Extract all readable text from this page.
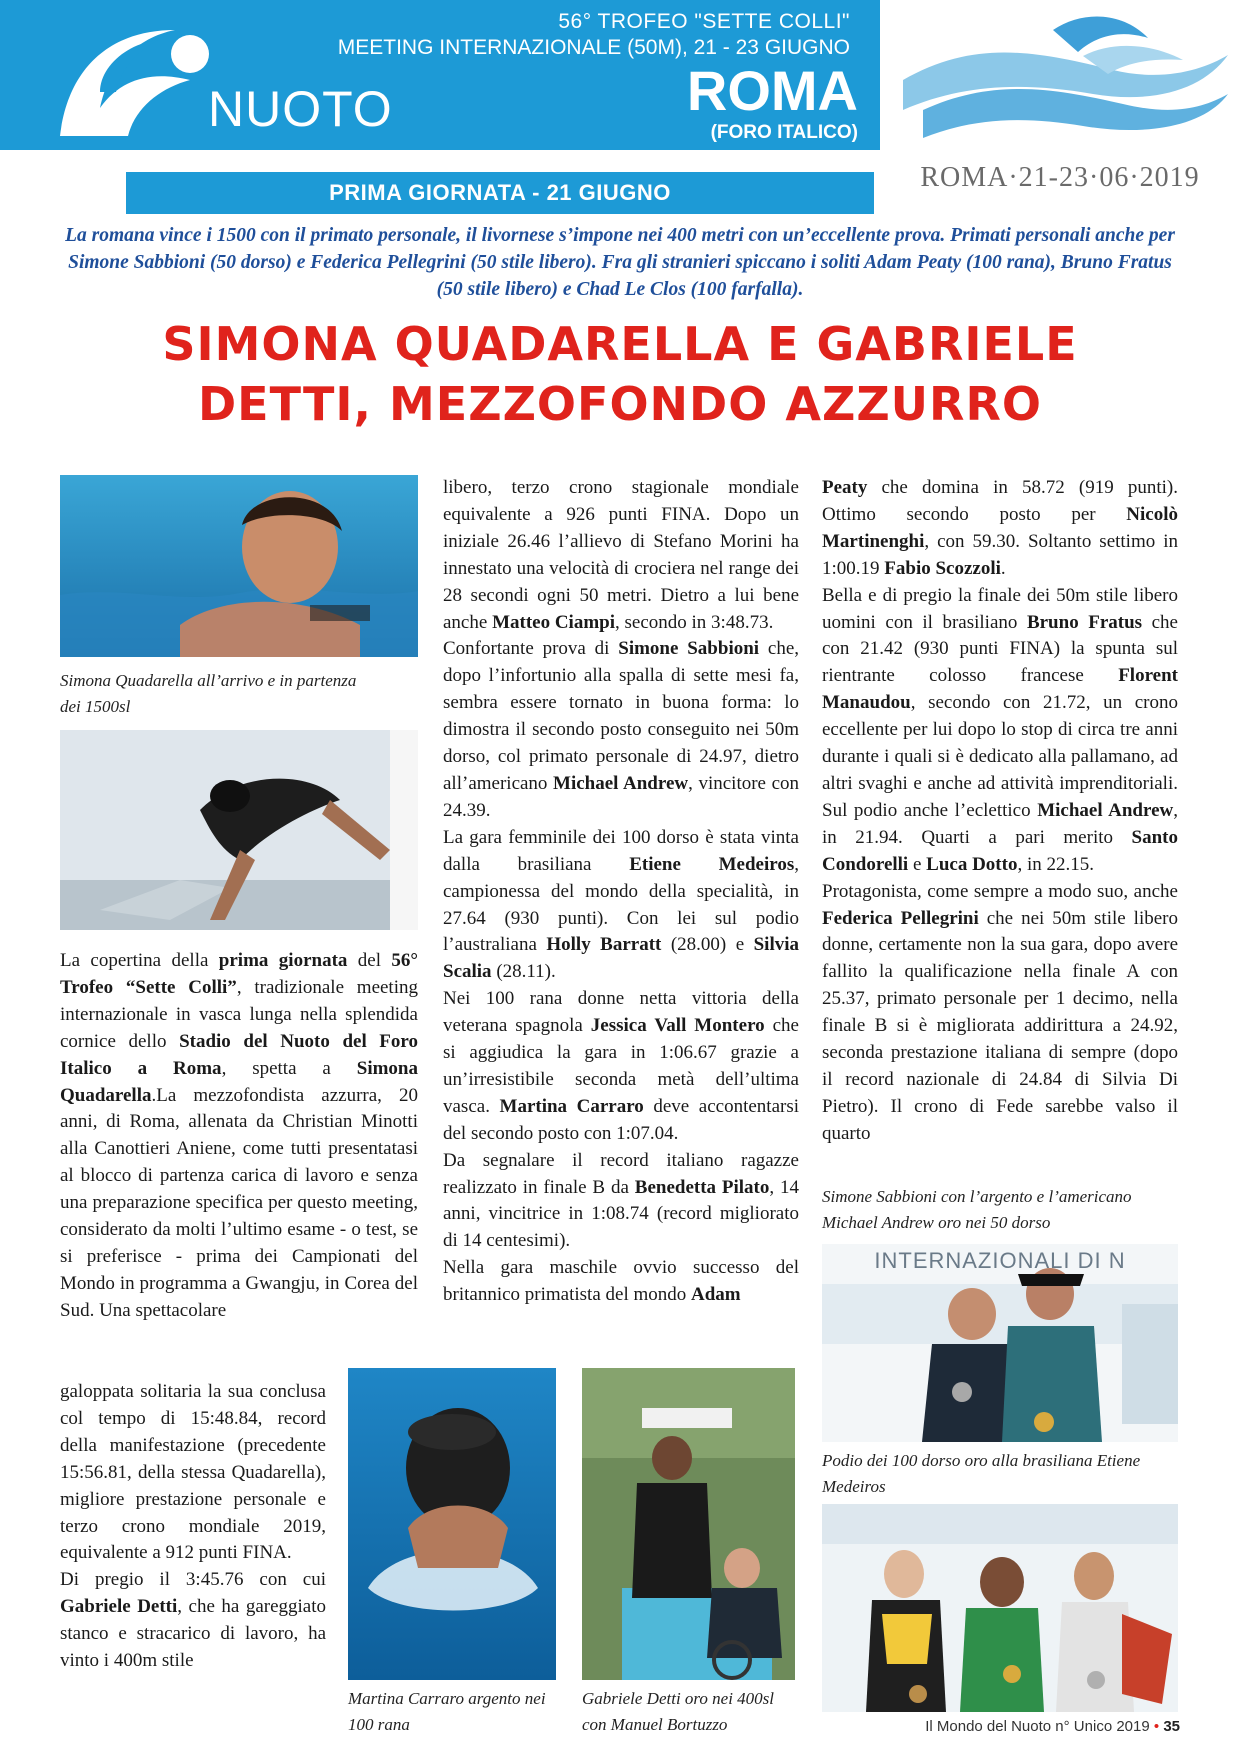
NUOTO
56° TROFEO "SETTE COLLI"
MEETING INTERNAZIONALE (50M), 21 - 23 GIUGNO
ROMA
(FORO ITALICO)
ROMA·21-23·06·2019
PRIMA GIORNATA - 21 GIUGNO
La romana vince i 1500 con il primato personale, il livornese s’impone nei 400 metri con un’eccellente prova. Primati personali anche per Simone Sabbioni (50 dorso) e Federica Pellegrini (50 stile libero). Fra gli stranieri spiccano i soliti Adam Peaty (100 rana), Bruno Fratus (50 stile libero) e Chad Le Clos (100 farfalla).
SIMONA QUADARELLA E GABRIELE
DETTI, MEZZOFONDO AZZURRO
Simona Quadarella all’arrivo e in partenza dei 1500sl
Martina Carraro argento nei 100 rana
Gabriele Detti oro nei 400sl con Manuel Bortuzzo
Simone Sabbioni con l’argento e l’americano Michael Andrew oro nei 50 dorso
INTERNAZIONALI DI N
Podio dei 100 dorso oro alla brasiliana Etiene Medeiros

La copertina della prima giornata del 56° Trofeo “Sette Colli”, tradizionale meeting internazionale in vasca lunga nella splendida cornice dello Stadio del Nuoto del Foro Italico a Roma, spetta a Simona Quadarella.La mezzofondista azzurra, 20 anni, di Roma, allenata da Christian Minotti alla Canottieri Aniene, come tutti presentatasi al blocco di partenza carica di lavoro e senza una preparazione specifica per questo meeting, considerato da molti l’ultimo esame - o test, se si preferisce - prima dei Campionati del Mondo in programma a Gwangju, in Corea del Sud. Una spettacolare

galoppata solitaria la sua conclusa col tempo di 15:48.84, record della manifestazione (precedente 15:56.81, della stessa Quadarella), migliore prestazione personale e terzo crono mondiale 2019, equivalente a 912 punti FINA.

Di pregio il 3:45.76 con cui Gabriele Detti, che ha gareggiato stanco e stracarico di lavoro, ha vinto i 400m stile

libero, terzo crono stagionale mondiale equivalente a 926 punti FINA. Dopo un iniziale 26.46 l’allievo di Stefano Morini ha innestato una velocità di crociera nel range dei 28 secondi ogni 50 metri. Dietro a lui bene anche Matteo Ciampi, secondo in 3:48.73.

Confortante prova di Simone Sabbioni che, dopo l’infortunio alla spalla di sette mesi fa, sembra essere tornato in buona forma: lo dimostra il secondo posto conseguito nei 50m dorso, col primato personale di 24.97, dietro all’americano Michael Andrew, vincitore con 24.39.

La gara femminile dei 100 dorso è stata vinta dalla brasiliana Etiene Medeiros, campionessa del mondo della specialità, in 27.64 (930 punti). Con lei sul podio l’australiana Holly Barratt (28.00) e Silvia Scalia (28.11).

Nei 100 rana donne netta vittoria della veterana spagnola Jessica Vall Montero che si aggiudica la gara in 1:06.67 grazie a un’irresistibile seconda metà dell’ultima vasca. Martina Carraro deve accontentarsi del secondo posto con 1:07.04.

Da segnalare il record italiano ragazze realizzato in finale B da Benedetta Pilato, 14 anni, vincitrice in 1:08.74 (record migliorato di 14 centesimi).

Nella gara maschile ovvio successo del britannico primatista del mondo Adam

Peaty che domina in 58.72 (919 punti). Ottimo secondo posto per Nicolò Martinenghi, con 59.30. Soltanto settimo in 1:00.19 Fabio Scozzoli.

Bella e di pregio la finale dei 50m stile libero uomini con il brasiliano Bruno Fratus che con 21.42 (930 punti FINA) la spunta sul rientrante colosso francese Florent Manaudou, secondo con 21.72, un crono eccellente per lui dopo lo stop di circa tre anni durante i quali si è dedicato alla pallamano, ad altri svaghi e anche ad attività imprenditoriali. Sul podio anche l’eclettico Michael Andrew, in 21.94. Quarti a pari merito Santo Condorelli e Luca Dotto, in 22.15.

Protagonista, come sempre a modo suo, anche Federica Pellegrini che nei 50m stile libero donne, certamente non la sua gara, dopo avere fallito la qualificazione nella finale A con 25.37, primato personale per 1 decimo, nella finale B si è migliorata addirittura a 24.92, seconda prestazione italiana di sempre (dopo il record nazionale di 24.84 di Silvia Di Pietro). Il crono di Fede sarebbe valso il quarto

Il Mondo del Nuoto n° Unico 2019 • 35
